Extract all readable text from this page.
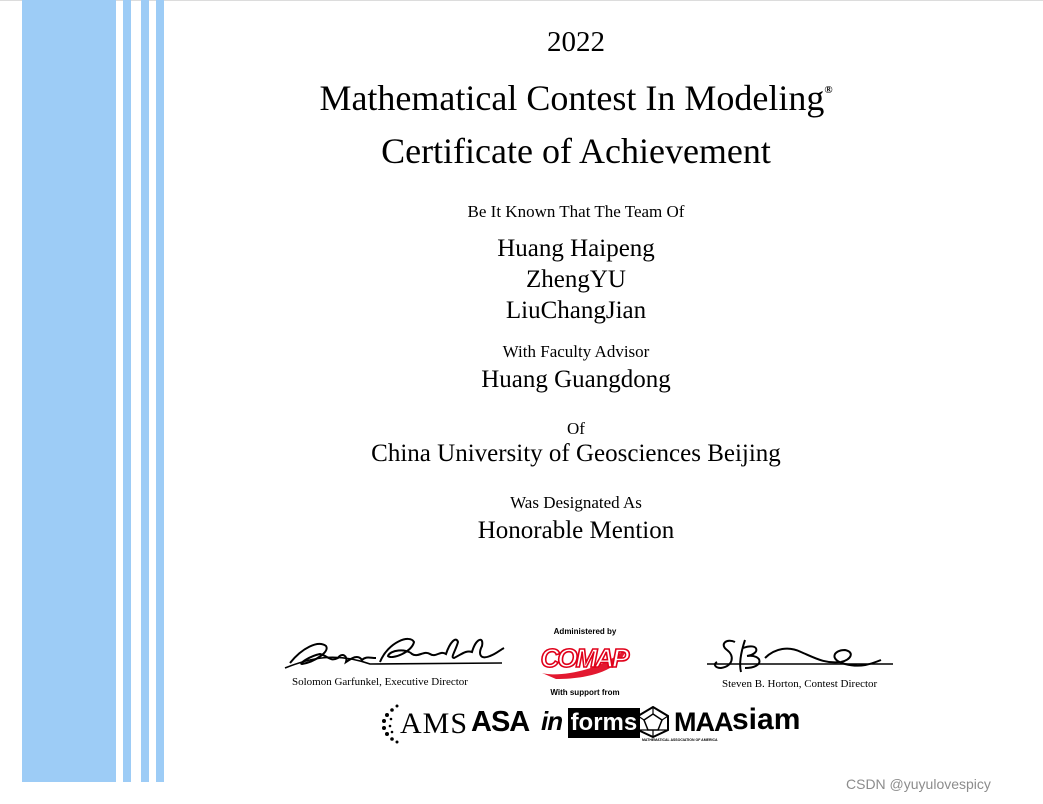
2022
Mathematical Contest In Modeling®
Certificate of Achievement
Be It Known That The Team Of
Huang Haipeng
ZhengYU
LiuChangJian
With Faculty Advisor
Huang Guangdong
Of
China University of Geosciences Beijing
Was Designated As
Honorable Mention
Solomon Garfunkel, Executive Director	Steven B. Horton, Contest Director
Administered by
COMAP
With support from
AMS ASA in forms MAA
MATHEMATICAL ASSOCIATION OF AMERICA
siam
CSDN @yuyulovespicy
